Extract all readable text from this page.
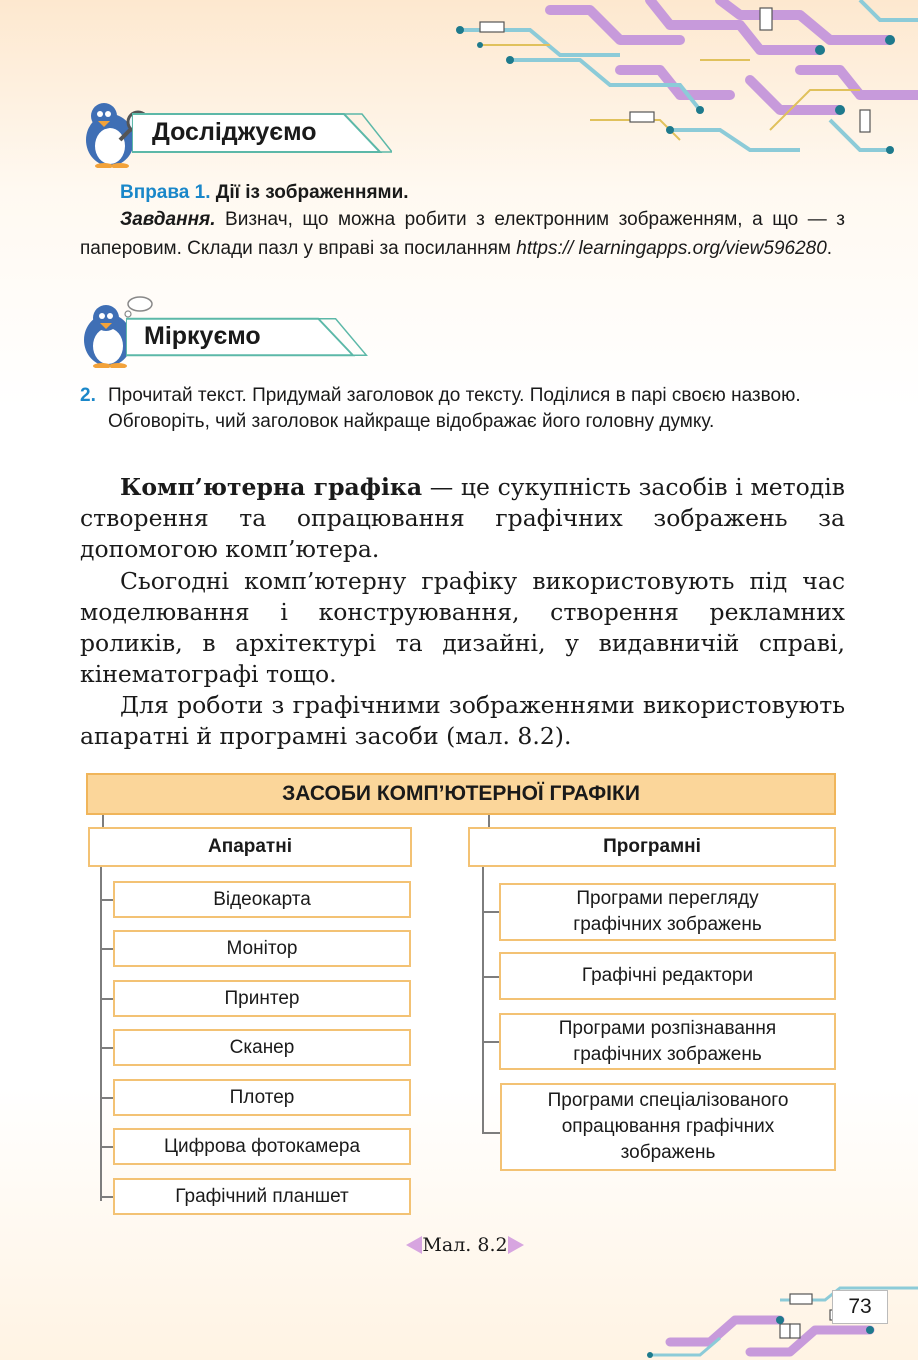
Досліджуємо
Вправа 1. Дії із зображеннями.
Завдання. Визнач, що можна робити з електронним зображенням, а що — з паперовим. Склади пазл у вправі за посиланням https:// learningapps.org/view596280.
Міркуємо
2. Прочитай текст. Придумай заголовок до тексту. Поділися в парі своєю назвою. Обговоріть, чий заголовок найкраще відображає його головну думку.
Комп’ютерна графіка — це сукупність засобів і методів створення та опрацювання графічних зображень за допомогою комп’ютера.
Сьогодні комп’ютерну графіку використовують під час моделювання і конструювання, створення рекламних роликів, в архітектурі та дизайні, у видавничій справі, кінематографі тощо.
Для роботи з графічними зображеннями використовують апаратні й програмні засоби (мал. 8.2).
ЗАСОБИ КОМП’ЮТЕРНОЇ ГРАФІКИ
Апаратні	Програмні
Відеокарта
Монітор
Принтер
Сканер
Плотер
Цифрова фотокамера
Графічний планшет
Програми перегляду графічних зображень
Графічні редактори
Програми розпізнавання графічних зображень
Програми спеціалізованого опрацювання графічних зображень
Мал. 8.2
73
